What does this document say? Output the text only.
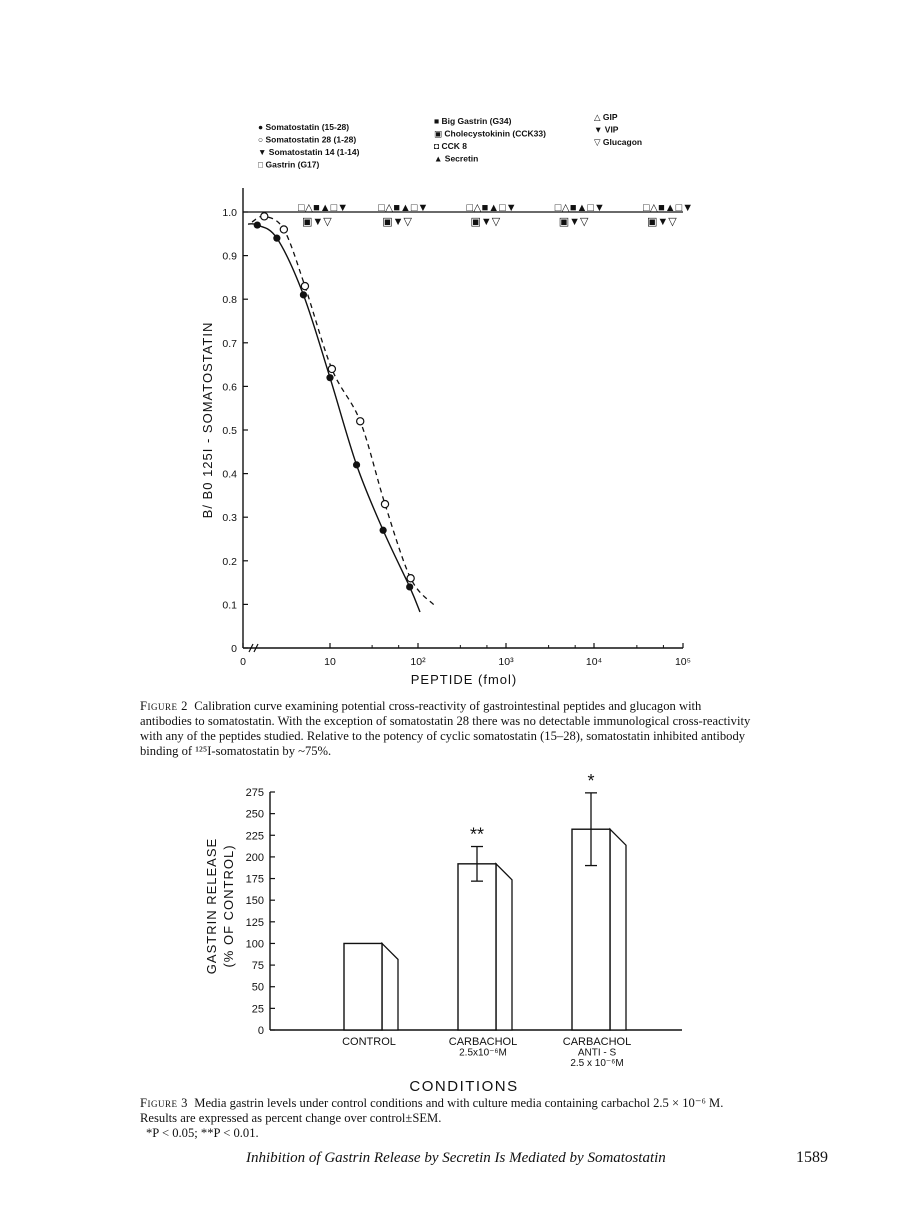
● Somatostatin (15-28)
○ Somatostatin 28 (1-28)
▼ Somatostatin 14 (1-14)
□ Gastrin (G17)
■ Big Gastrin (G34)
▣ Cholecystokinin (CCK33)
◘ CCK 8
▲ Secretin
△ GIP
▼ VIP
▽ Glucagon
0
0.1
0.2
0.3
0.4
0.5
0.6
0.7
0.8
0.9
1.0
0	10	10²	10³	10⁴	10⁵
□△■▲□▼
▣▼▽
□△■▲□▼
▣▼▽
□△■▲□▼
▣▼▽
□△■▲□▼
▣▼▽
□△■▲□▼
▣▼▽
B/ B0 125I - SOMATOSTATIN
PEPTIDE (fmol)
Figure 2 Calibration curve examining potential cross-reactivity of gastrointestinal peptides and glucagon with antibodies to somatostatin. With the exception of somatostatin 28 there was no detectable immunological cross-reactivity with any of the peptides studied. Relative to the potency of cyclic somatostatin (15–28), somatostatin inhibited antibody binding of ¹²⁵I-somatostatin by ~75%.
0
25
50
75
100
125
150
175
200
225
250
275
CONTROL
**
CARBACHOL
2.5x10⁻⁶M
*
CARBACHOL
ANTI - S
2.5 x 10⁻⁶M
GASTRIN RELEASE (% OF CONTROL)
CONDITIONS
Figure 3 Media gastrin levels under control conditions and with culture media containing carbachol 2.5 × 10⁻⁶ M. Results are expressed as percent change over control±SEM.
*P < 0.05; **P < 0.01.
Inhibition of Gastrin Release by Secretin Is Mediated by Somatostatin	1589
